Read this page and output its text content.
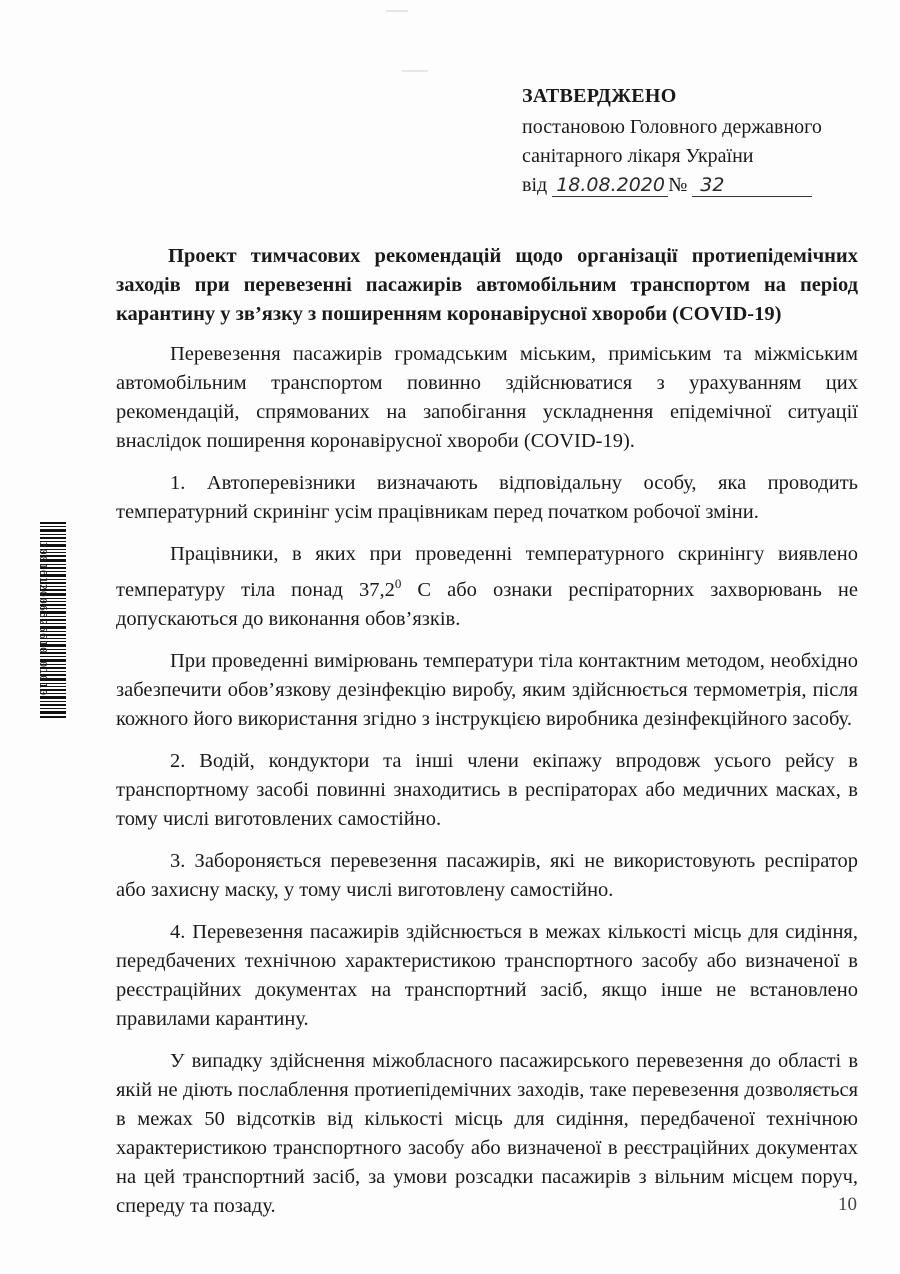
ЗАТВЕРДЖЕНО
постановою Головного державного
санітарного лікаря України
від 18.08.2020 № 32
Проект тимчасових рекомендацій щодо організації протиепідемічних заходів при перевезенні пасажирів автомобільним транспортом на період карантину у зв’язку з поширенням коронавірусної хвороби (COVID-19)

Перевезення пасажирів громадським міським, приміським та міжміським автомобільним транспортом повинно здійснюватися з урахуванням цих рекомендацій, спрямованих на запобігання ускладнення епідемічної ситуації внаслідок поширення коронавірусної хвороби (COVID-19).

1. Автоперевізники визначають відповідальну особу, яка проводить температурний скринінг усім працівникам перед початком робочої зміни.

Працівники, в яких при проведенні температурного скринінгу виявлено температуру тіла понад 37,2$^0$ С або ознаки респіраторних захворювань не допускаються до виконання обов’язків.

При проведенні вимірювань температури тіла контактним методом, необхідно забезпечити обов’язкову дезінфекцію виробу, яким здійснюється термометрія, після кожного його використання згідно з інструкцією виробника дезінфекційного засобу.

2. Водій, кондуктори та інші члени екіпажу впродовж усього рейсу в транспортному засобі повинні знаходитись в респіраторах або медичних масках, в тому числі виготовлених самостійно.

3. Забороняється перевезення пасажирів, які не використовують респіратор або захисну маску, у тому числі виготовлену самостійно.

4. Перевезення пасажирів здійснюється в межах кількості місць для сидіння, передбачених технічною характеристикою транспортного засобу або визначеної в реєстраційних документах на транспортний засіб, якщо інше не встановлено правилами карантину.

У випадку здійснення міжобласного пасажирського перевезення до області в якій не діють послаблення протиепідемічних заходів, таке перевезення дозволяється в межах 50 відсотків від кількості місць для сидіння, передбаченої технічною характеристикою транспортного засобу або визначеної в реєстраційних документах на цей транспортний засіб, за умови розсадки пасажирів з вільним місцем поруч, спереду та позаду.

3001612006525610 01010
10
